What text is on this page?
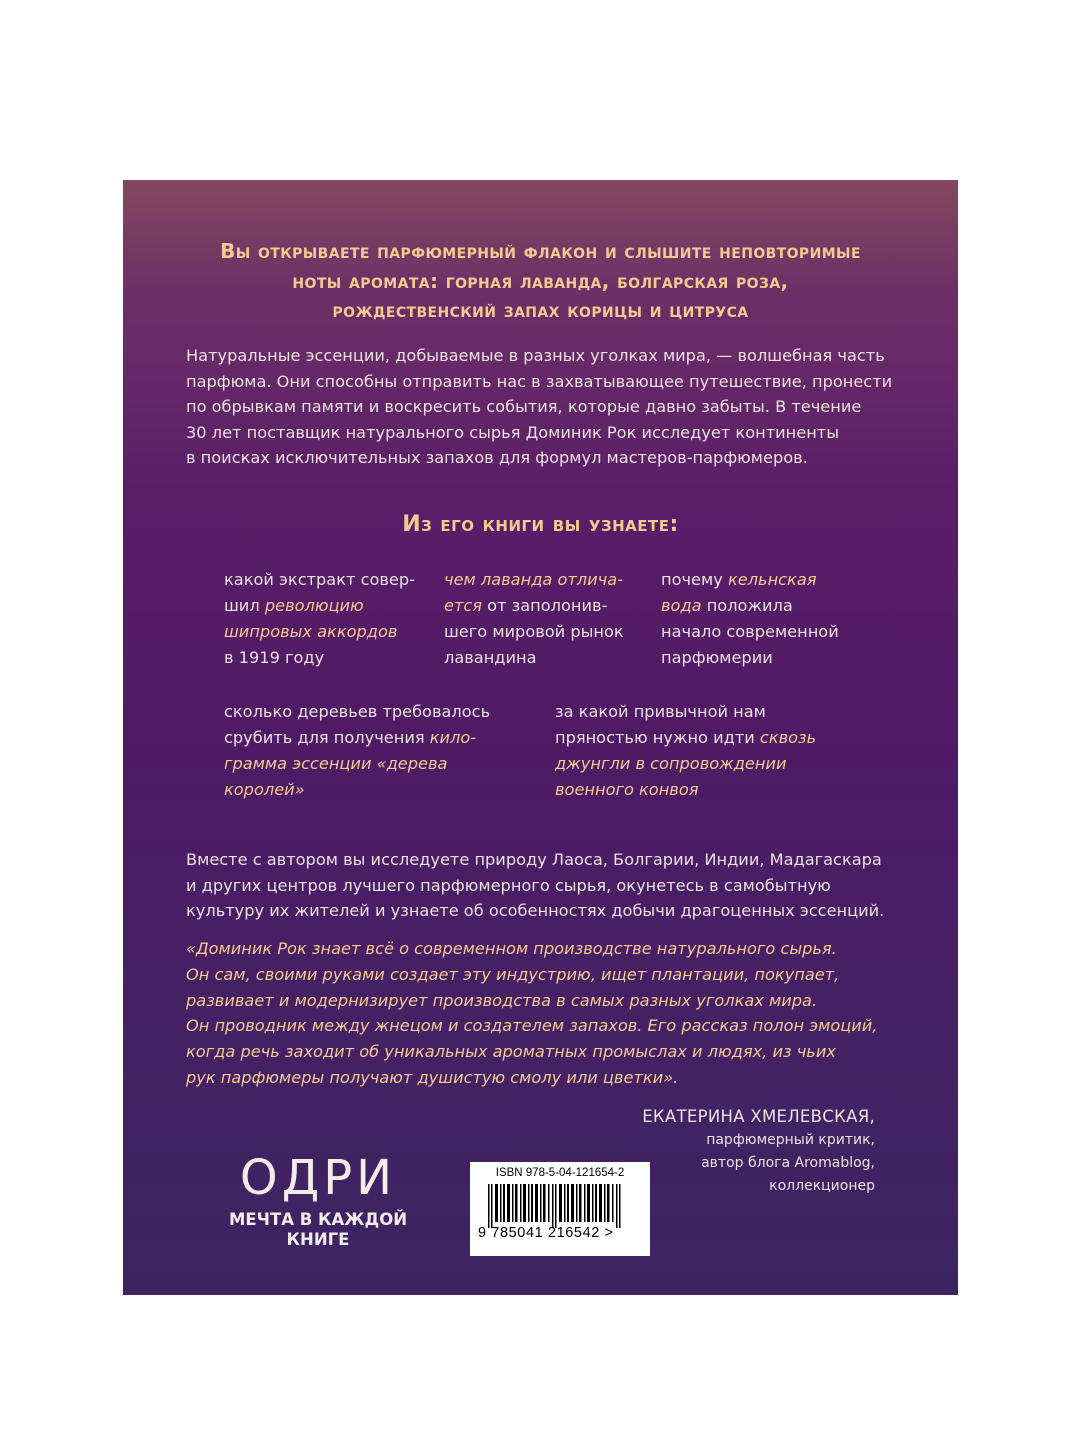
Вы открываете парфюмерный флакон и слышите неповторимые
ноты аромата: горная лаванда, болгарская роза,
рождественский запах корицы и цитруса
Натуральные эссенции, добываемые в разных уголках мира, — волшебная часть
парфюма. Они способны отправить нас в захватывающее путешествие, пронести
по обрывкам памяти и воскресить события, которые давно забыты. В течение
30 лет поставщик натурального сырья Доминик Рок исследует континенты
в поисках исключительных запахов для формул мастеров-парфюмеров.
Из его книги вы узнаете:
какой экстракт совер-
шил революцию
шипровых аккордов
в 1919 году
чем лаванда отлича-
ется от заполонив-
шего мировой рынок
лавандина
почему кельнская
вода положила
начало современной
парфюмерии
сколько деревьев требовалось
срубить для получения кило-
грамма эссенции «дерева
королей»
за какой привычной нам
пряностью нужно идти сквозь
джунгли в сопровождении
военного конвоя
Вместе с автором вы исследуете природу Лаоса, Болгарии, Индии, Мадагаскара
и других центров лучшего парфюмерного сырья, окунетесь в самобытную
культуру их жителей и узнаете об особенностях добычи драгоценных эссенций.
«Доминик Рок знает всё о современном производстве натурального сырья.
Он сам, своими руками создает эту индустрию, ищет плантации, покупает,
развивает и модернизирует производства в самых разных уголках мира.
Он проводник между жнецом и создателем запахов. Его рассказ полон эмоций,
когда речь заходит об уникальных ароматных промыслах и людях, из чьих
рук парфюмеры получают душистую смолу или цветки».
ЕКАТЕРИНА ХМЕЛЕВСКАЯ,
парфюмерный критик,
автор блога Aromablog,
коллекционер
ОДРИ
МЕЧТА В КАЖДОЙ
КНИГЕ
ISBN 978-5-04-121654-2
9 785041 216542 >
